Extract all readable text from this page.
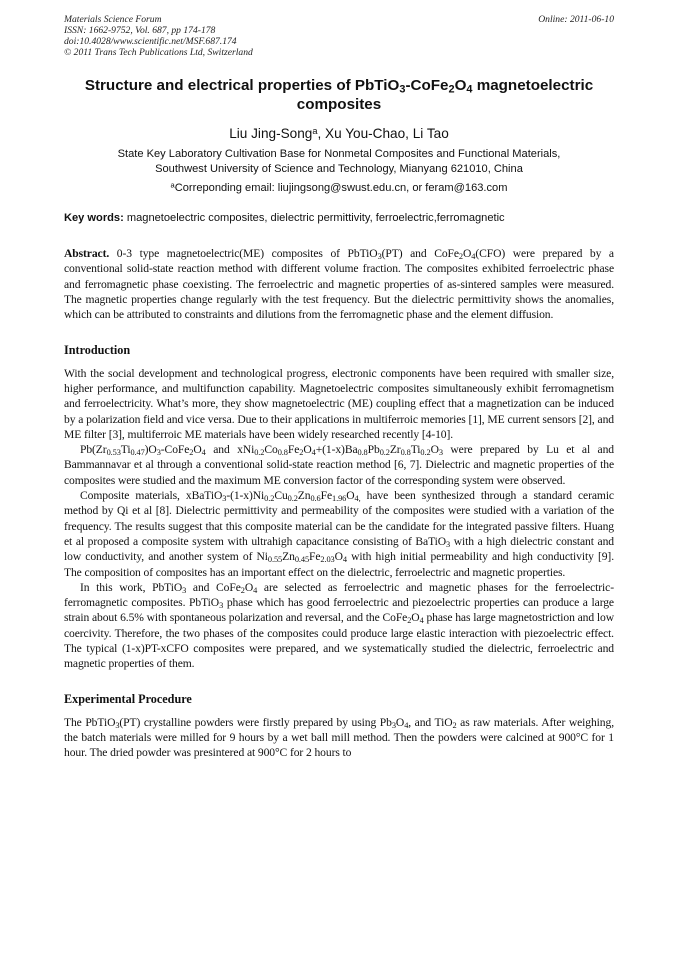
Materials Science Forum
ISSN: 1662-9752, Vol. 687, pp 174-178
doi:10.4028/www.scientific.net/MSF.687.174
© 2011 Trans Tech Publications Ltd, Switzerland
Online: 2011-06-10
Structure and electrical properties of $PbTiO_3-CoFe_2O_4$ magnetoelectric composites
Liu Jing-Song$^a$, Xu You-Chao, Li Tao
State Key Laboratory Cultivation Base for Nonmetal Composites and Functional Materials,
Southwest University of Science and Technology, Mianyang 621010, China
$^a$Correponding email: liujingsong@swust.edu.cn, or feram@163.com
Key words: magnetoelectric composites, dielectric permittivity, ferroelectric,ferromagnetic

Abstract. 0-3 type magnetoelectric(ME) composites of PbTiO$_3$(PT) and $CoFe_2O_4(CFO)$ were prepared by a conventional solid-state reaction method with different volume fraction. The composites exhibited ferroelectric phase and ferromagnetic phase coexisting. The ferroelectric and magnetic properties of as-sintered samples were measured. The magnetic properties change regularly with the test frequency. But the dielectric permittivity shows the anomalies, which can be attributed to constraints and dilutions from the ferromagnetic phase and the element diffusion.

Introduction

With the social development and technological progress, electronic components have been required with smaller size, higher performance, and multifunction capability. Magnetoelectric composites simultaneously exhibit ferromagnetism and ferroelectricity. What’s more, they show magnetoelectric (ME) coupling effect that a magnetization can be induced by a polarization field and vice versa. Due to their applications in multiferroic memories [1], ME current sensors [2], and ME filter [3], multiferroic ME materials have been widely researched recently [4-10].

$Pb(Zr_{0.53}Ti_{0.47})O_3-CoFe_2O_4$ and $xNi_{0.2}Co_{0.8}Fe_2O_4+(1-x)Ba_{0.8}Pb_{0.2}Zr_{0.8}Ti_{0.2}O_3$ were prepared by Lu et al and Bammannavar et al through a conventional solid-state reaction method [6, 7]. Dielectric and magnetic properties of the composites were studied and the maximum ME conversion factor of the corresponding system were observed.

Composite materials, $xBaTiO_3-(1-x)Ni_{0.2}Cu_{0.2}Zn_{0.6}Fe_{1.96}O_{4,}$ have been synthesized through a standard ceramic method by Qi et al [8]. Dielectric permittivity and permeability of the composites were studied with a variation of the frequency. The results suggest that this composite material can be the candidate for the integrated passive filters. Huang et al proposed a composite system with ultrahigh capacitance consisting of BaTiO$_3$ with a high dielectric constant and low conductivity, and another system of $Ni_{0.55}Zn_{0.45}Fe_{2.03}O_4$ with high initial permeability and high conductivity [9]. The composition of composites has an important effect on the dielectric, ferroelectric and magnetic properties.

In this work, PbTiO$_3$ and $CoFe_2O_4$ are selected as ferroelectric and magnetic phases for the ferroelectric-ferromagnetic composites. PbTiO$_3$ phase which has good ferroelectric and piezoelectric properties can produce a large strain about 6.5% with spontaneous polarization and reversal, and the $CoFe_2O_4$ phase has large magnetostriction and low coercivity. Therefore, the two phases of the composites could produce large elastic interaction with piezoelectric effect. The typical (1-x)PT-xCFO composites were prepared, and we systematically studied the dielectric, ferroelectric and magnetic properties of them.

Experimental Procedure

The PbTiO$_3$(PT) crystalline powders were firstly prepared by using $Pb_3O_4$, and TiO$_2$ as raw materials. After weighing, the batch materials were milled for 9 hours by a wet ball mill method. Then the powders were calcined at 900°C for 1 hour. The dried powder was presintered at 900°C for 2 hours to
